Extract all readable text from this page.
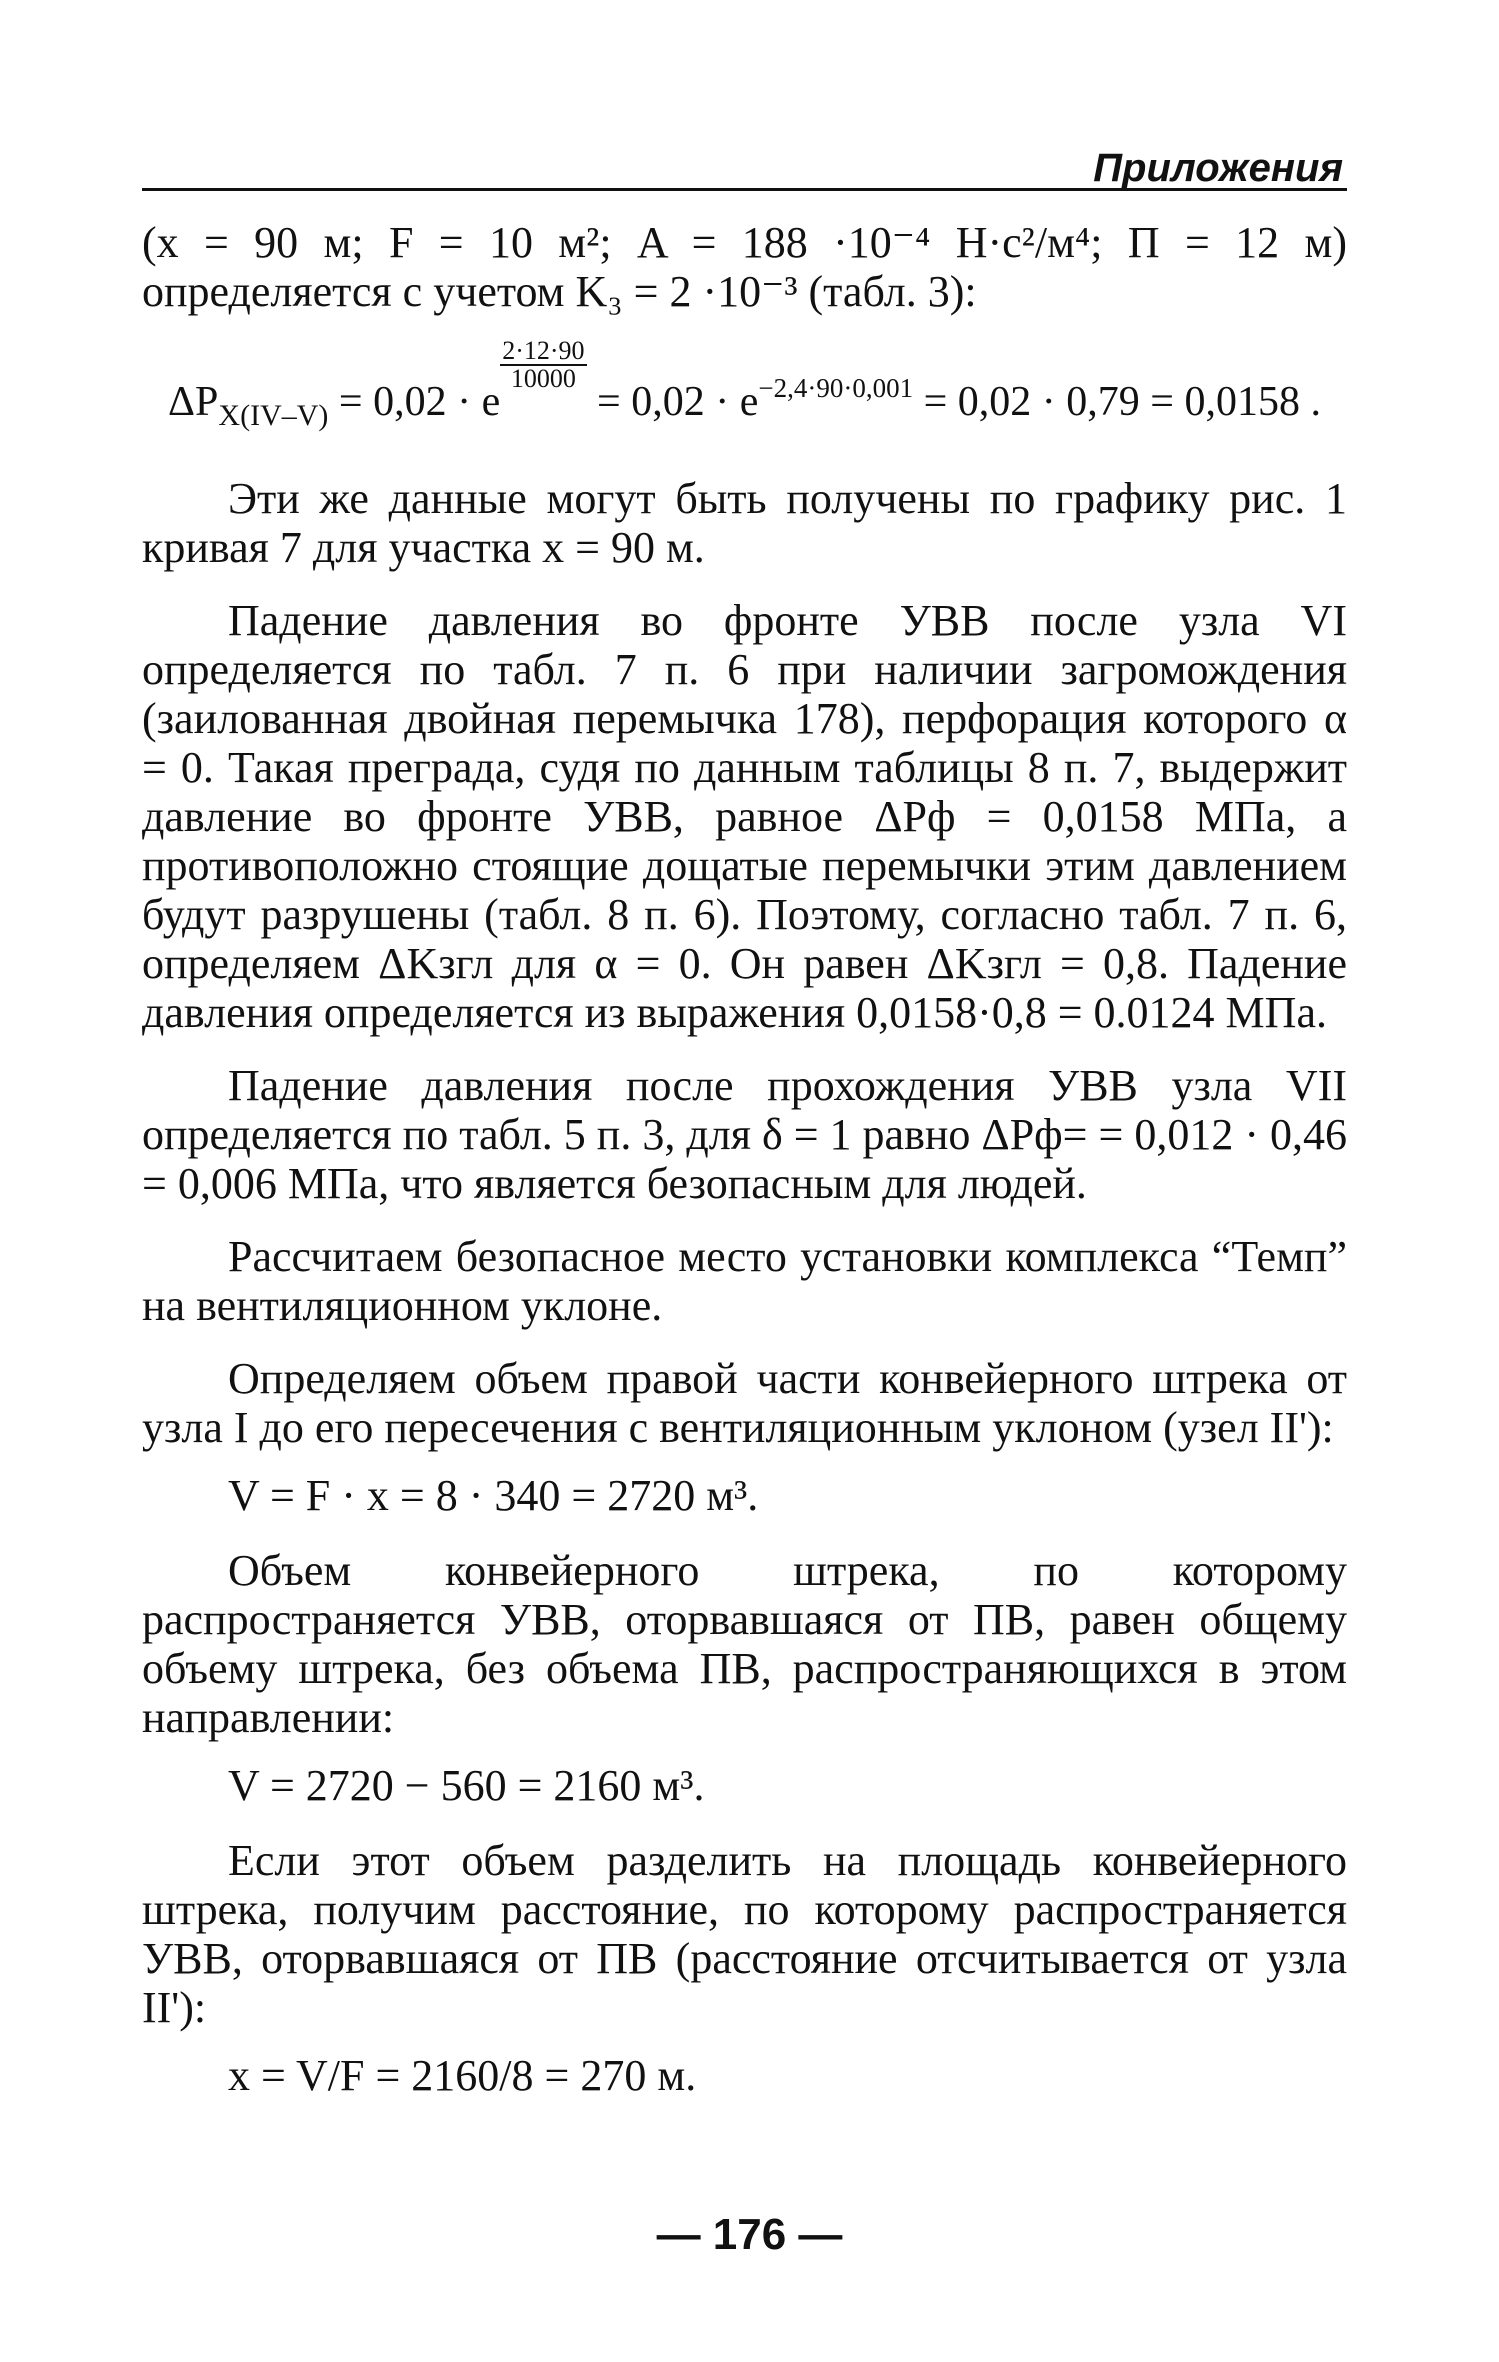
Приложения

(x = 90 м; F = 10 м²; A = 188 ·10⁻⁴ Н·с²/м⁴; П = 12 м) определяется с учетом K₃ = 2 ·10⁻³ (табл. 3):

$\Delta P_{X(IV-V)} = 0,02 \cdot e$
$\frac{2\cdot 12\cdot 90}{10000}$
= $0,02 \cdot e^{-2,4\cdot 90\cdot 0,001} = 0,02 \cdot 0,79 = 0,0158$ .

Эти же данные могут быть получены по графику рис. 1 кривая 7 для участка x = 90 м.

Падение давления во фронте УВВ после узла VI определяется по табл. 7 п. 6 при наличии загромождения (заилованная двойная перемычка 178), перфорация которого α = 0. Такая преграда, судя по данным таблицы 8 п. 7, выдержит давление во фронте УВВ, равное ΔPф = 0,0158 МПа, а противоположно стоящие дощатые перемычки этим давлением будут разрушены (табл. 8 п. 6). Поэтому, согласно табл. 7 п. 6, определяем ΔKзгл для α = 0. Он равен ΔKзгл = 0,8. Падение давления определяется из выражения 0,0158·0,8 = 0.0124 МПа.

Падение давления после прохождения УВВ узла VII определяется по табл. 5 п. 3, для δ = 1 равно ΔPф= = 0,012 · 0,46 = 0,006 МПа, что является безопасным для людей.

Рассчитаем безопасное место установки комплекса “Темп” на вентиляционном уклоне.

Определяем объем правой части конвейерного штрека от узла I до его пересечения с вентиляционным уклоном (узел II'):

V = F · x = 8 · 340 = 2720 м³.

Объем конвейерного штрека, по которому распространяется УВВ, оторвавшаяся от ПВ, равен общему объему штрека, без объема ПВ, распространяющихся в этом направлении:

V = 2720 − 560 = 2160 м³.

Если этот объем разделить на площадь конвейерного штрека, получим расстояние, по которому распространяется УВВ, оторвавшаяся от ПВ (расстояние отсчитывается от узла II'):

x = V/F = 2160/8 = 270 м.
— 176 —
